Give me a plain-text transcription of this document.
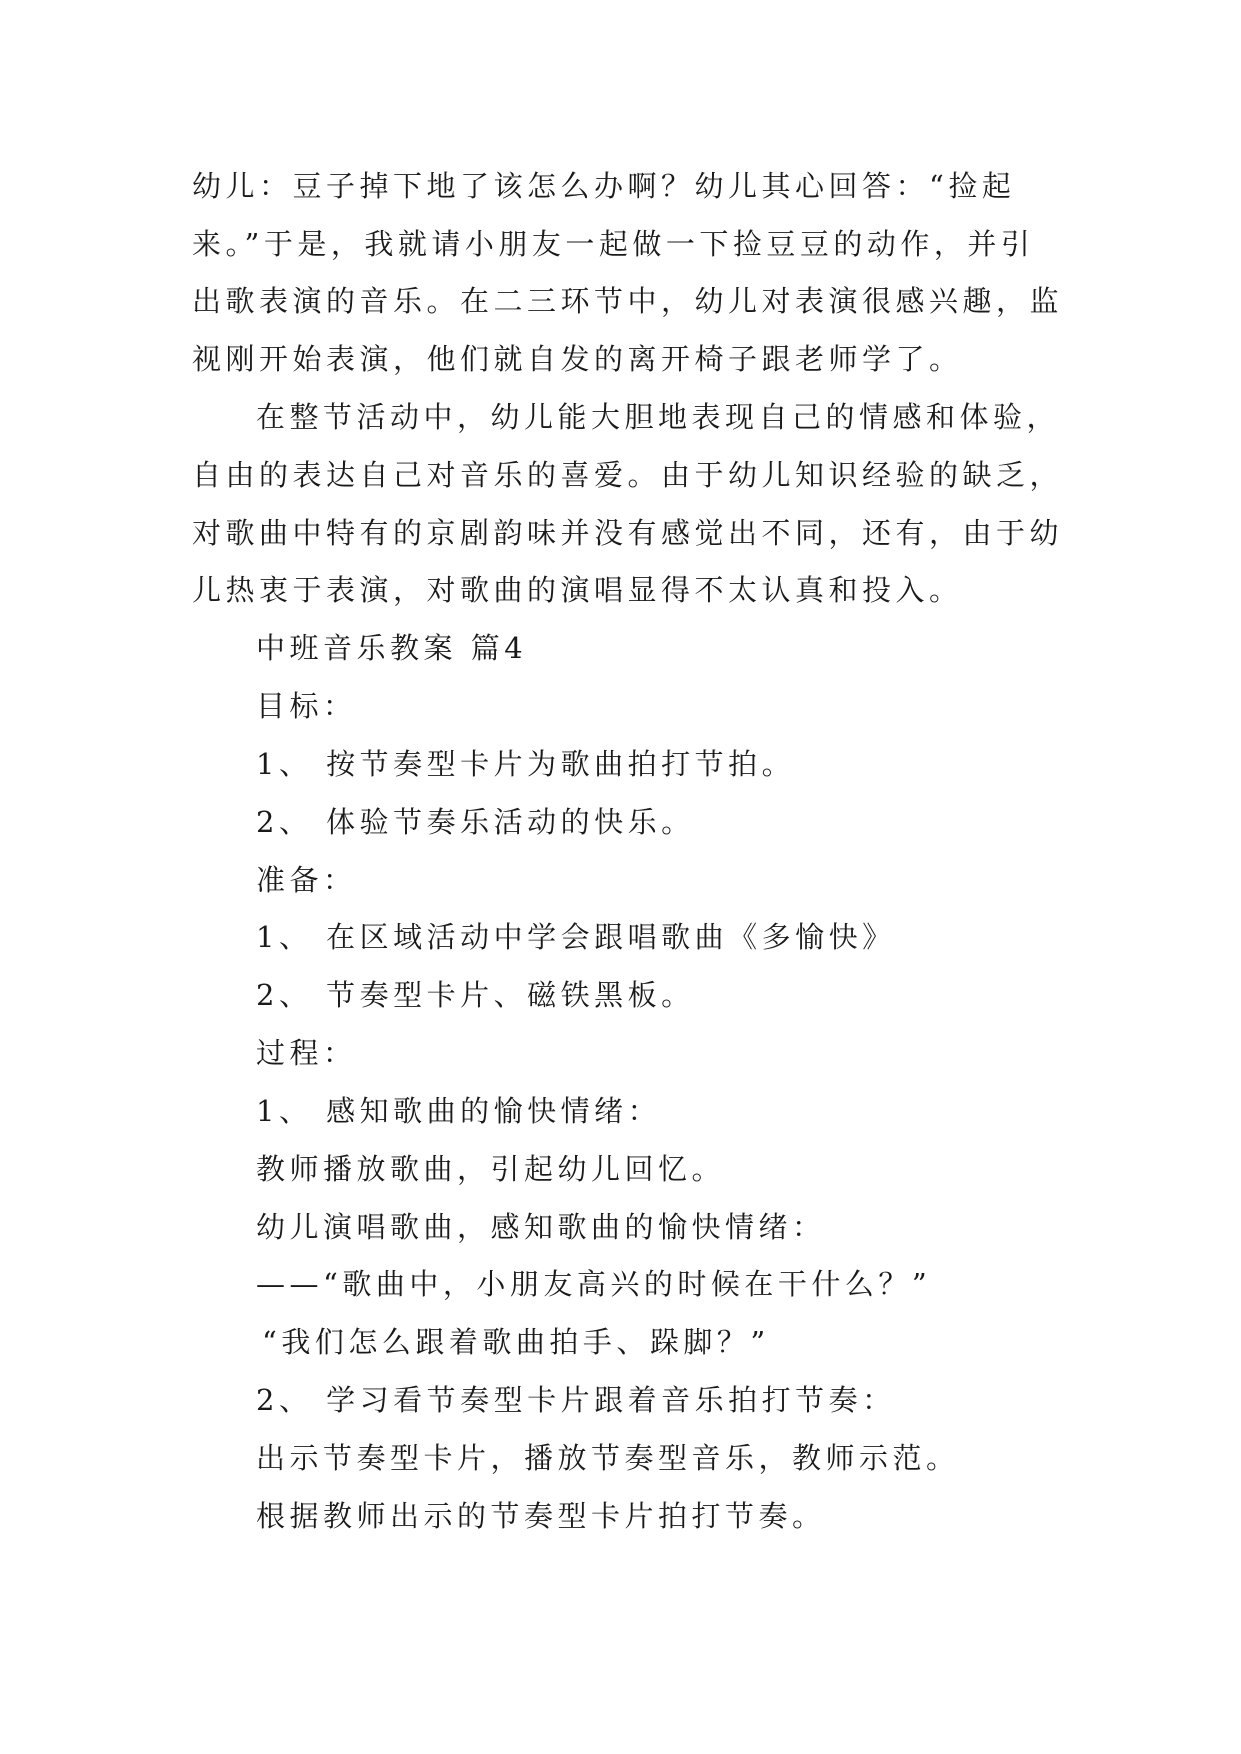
幼儿：豆子掉下地了该怎么办啊？幼儿其心回答：“捡起
来。”于是，我就请小朋友一起做一下捡豆豆的动作，并引
出歌表演的音乐。在二三环节中，幼儿对表演很感兴趣，监
视刚开始表演，他们就自发的离开椅子跟老师学了。
在整节活动中，幼儿能大胆地表现自己的情感和体验，
自由的表达自己对音乐的喜爱。由于幼儿知识经验的缺乏，
对歌曲中特有的京剧韵味并没有感觉出不同，还有，由于幼
儿热衷于表演，对歌曲的演唱显得不太认真和投入。
中班音乐教案 篇4
目标：
1、 按节奏型卡片为歌曲拍打节拍。
2、 体验节奏乐活动的快乐。
准备：
1、 在区域活动中学会跟唱歌曲《多愉快》
2、 节奏型卡片、磁铁黑板。
过程：
1、 感知歌曲的愉快情绪：
教师播放歌曲，引起幼儿回忆。
幼儿演唱歌曲，感知歌曲的愉快情绪：
——“歌曲中，小朋友高兴的时候在干什么？”
“我们怎么跟着歌曲拍手、跺脚？”
2、 学习看节奏型卡片跟着音乐拍打节奏：
出示节奏型卡片，播放节奏型音乐，教师示范。
根据教师出示的节奏型卡片拍打节奏。
